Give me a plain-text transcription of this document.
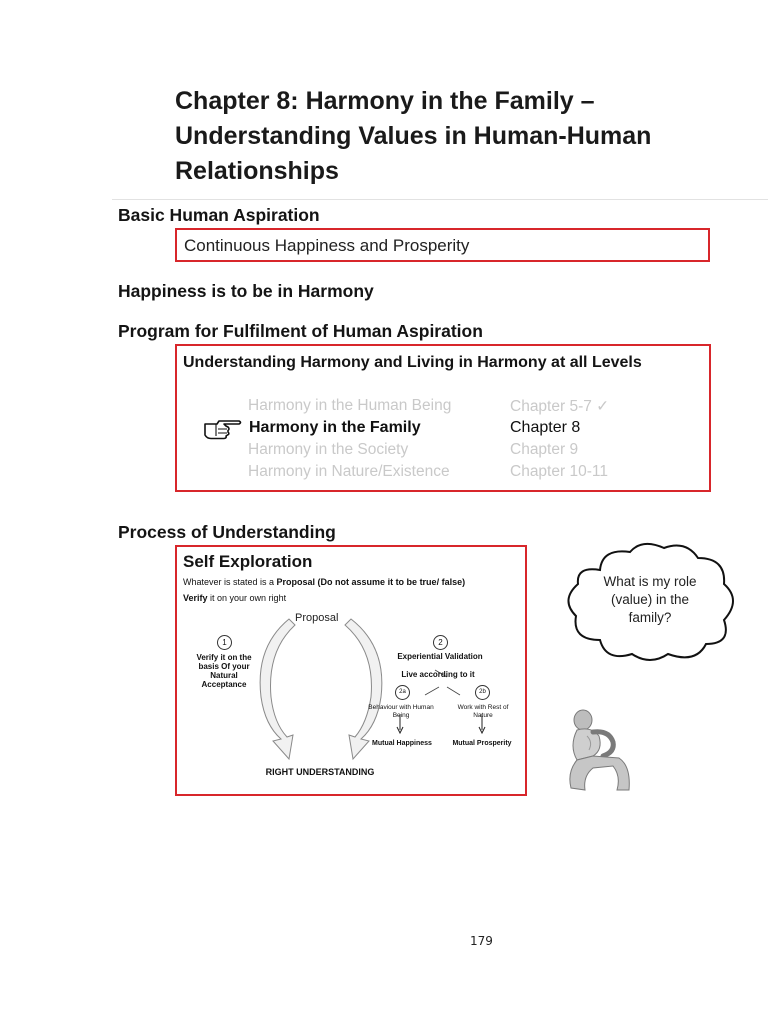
Chapter 8: Harmony in the Family – Understanding Values in Human-Human Relationships
Basic Human Aspiration
Continuous Happiness and Prosperity
Happiness is to be in Harmony
Program for Fulfilment of Human Aspiration
Understanding Harmony and Living in Harmony at all Levels
Harmony in the Human Being	Chapter 5-7 ✓
Harmony in the Family	Chapter 8
Harmony in the Society	Chapter 9
Harmony in Nature/Existence	Chapter 10-11
Process of Understanding
Self Exploration
Whatever is stated is a Proposal (Do not assume it to be true/ false)
Verify it on your own right
Proposal
1
Verify it on the basis Of your Natural Acceptance
2
Experiential Validation
Live according to it
2a	2b
Behaviour with Human Being
Work with Rest of Nature
Mutual Happiness	Mutual Prosperity
RIGHT UNDERSTANDING
What is my role (value) in the family?
179
